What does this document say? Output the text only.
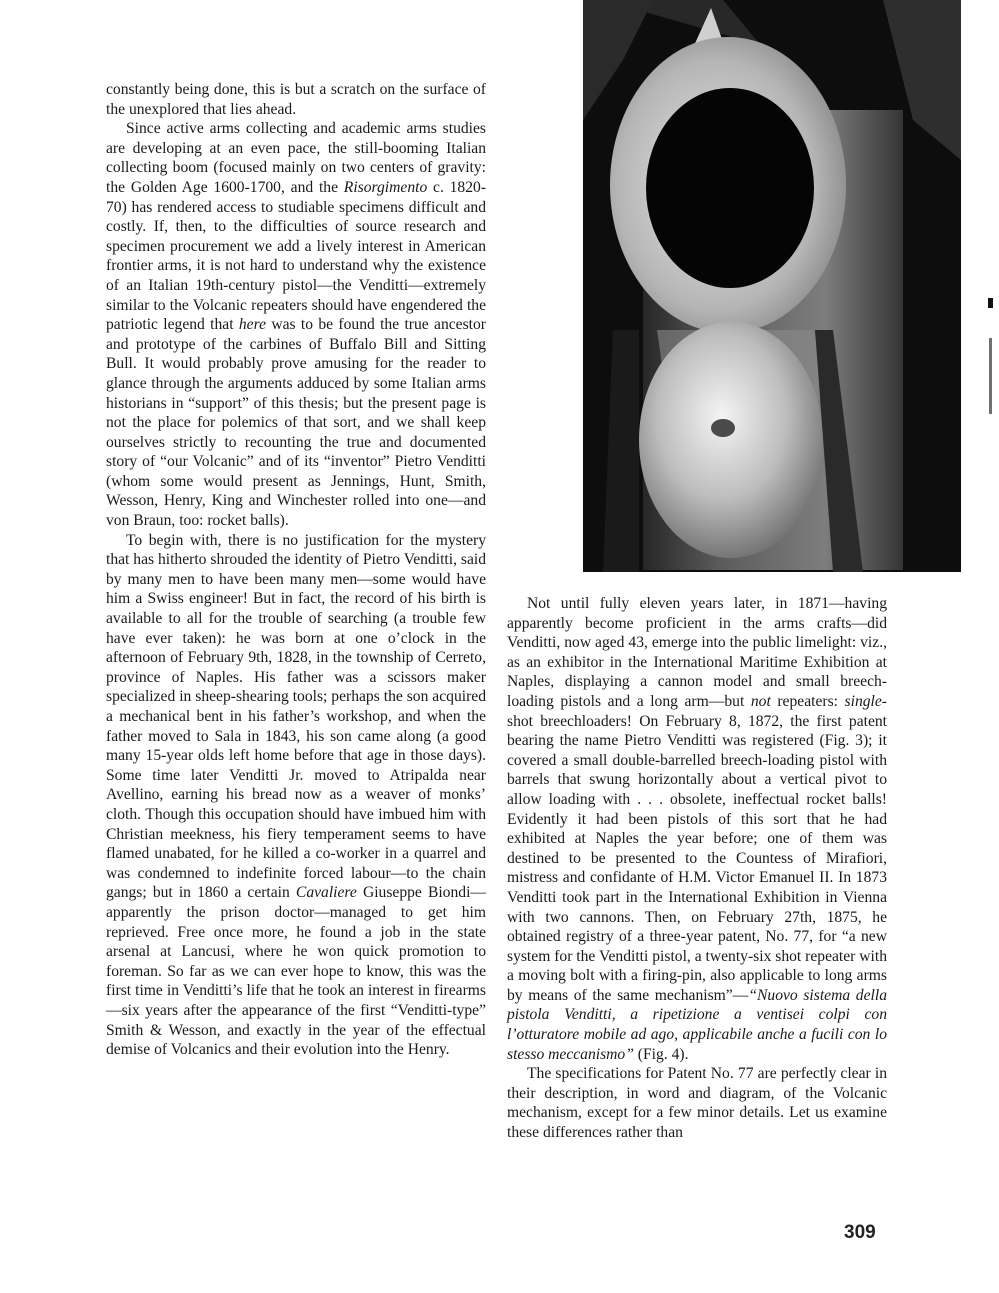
constantly being done, this is but a scratch on the surface of the unexplored that lies ahead.

Since active arms collecting and academic arms studies are developing at an even pace, the still-booming Italian collecting boom (focused mainly on two centers of gravity: the Golden Age 1600-1700, and the Risorgimento c. 1820-70) has rendered access to studiable specimens difficult and costly. If, then, to the difficulties of source research and specimen procurement we add a lively interest in American frontier arms, it is not hard to understand why the existence of an Italian 19th-century pistol—the Venditti—extremely similar to the Volcanic repeaters should have engendered the patriotic legend that here was to be found the true ancestor and prototype of the carbines of Buffalo Bill and Sitting Bull. It would probably prove amusing for the reader to glance through the arguments adduced by some Italian arms historians in “support” of this thesis; but the present page is not the place for polemics of that sort, and we shall keep ourselves strictly to recounting the true and documented story of “our Volcanic” and of its “inventor” Pietro Venditti (whom some would present as Jennings, Hunt, Smith, Wesson, Henry, King and Winchester rolled into one—and von Braun, too: rocket balls).

To begin with, there is no justification for the mystery that has hitherto shrouded the identity of Pietro Venditti, said by many men to have been many men—some would have him a Swiss engineer! But in fact, the record of his birth is available to all for the trouble of searching (a trouble few have ever taken): he was born at one o’clock in the afternoon of February 9th, 1828, in the township of Cerreto, province of Naples. His father was a scissors maker specialized in sheep-shearing tools; perhaps the son acquired a mechanical bent in his father’s workshop, and when the father moved to Sala in 1843, his son came along (a good many 15-year olds left home before that age in those days). Some time later Venditti Jr. moved to Atripalda near Avellino, earning his bread now as a weaver of monks’ cloth. Though this occupation should have imbued him with Christian meekness, his fiery temperament seems to have flamed unabated, for he killed a co-worker in a quarrel and was condemned to indefinite forced labour—to the chain gangs; but in 1860 a certain Cavaliere Giuseppe Biondi—apparently the prison doctor—managed to get him reprieved. Free once more, he found a job in the state arsenal at Lancusi, where he won quick promotion to foreman. So far as we can ever hope to know, this was the first time in Venditti’s life that he took an interest in firearms —six years after the appearance of the first “Venditti-type” Smith & Wesson, and exactly in the year of the effectual demise of Volcanics and their evolution into the Henry.

Not until fully eleven years later, in 1871—having apparently become proficient in the arms crafts—did Venditti, now aged 43, emerge into the public limelight: viz., as an exhibitor in the International Maritime Exhibition at Naples, displaying a cannon model and small breech-loading pistols and a long arm—but not repeaters: single-shot breechloaders! On February 8, 1872, the first patent bearing the name Pietro Venditti was registered (Fig. 3); it covered a small double-barrelled breech-loading pistol with barrels that swung horizontally about a vertical pivot to allow loading with . . . obsolete, ineffectual rocket balls! Evidently it had been pistols of this sort that he had exhibited at Naples the year before; one of them was destined to be presented to the Countess of Mirafiori, mistress and confidante of H.M. Victor Emanuel II. In 1873 Venditti took part in the International Exhibition in Vienna with two cannons. Then, on February 27th, 1875, he obtained registry of a three-year patent, No. 77, for “a new system for the Venditti pistol, a twenty-six shot repeater with a moving bolt with a firing-pin, also applicable to long arms by means of the same mechanism”—“Nuovo sistema della pistola Venditti, a ripetizione a ventisei colpi con l’otturatore mobile ad ago, applicabile anche a fucili con lo stesso meccanismo” (Fig. 4).

The specifications for Patent No. 77 are perfectly clear in their description, in word and diagram, of the Volcanic mechanism, except for a few minor details. Let us examine these differences rather than

309
